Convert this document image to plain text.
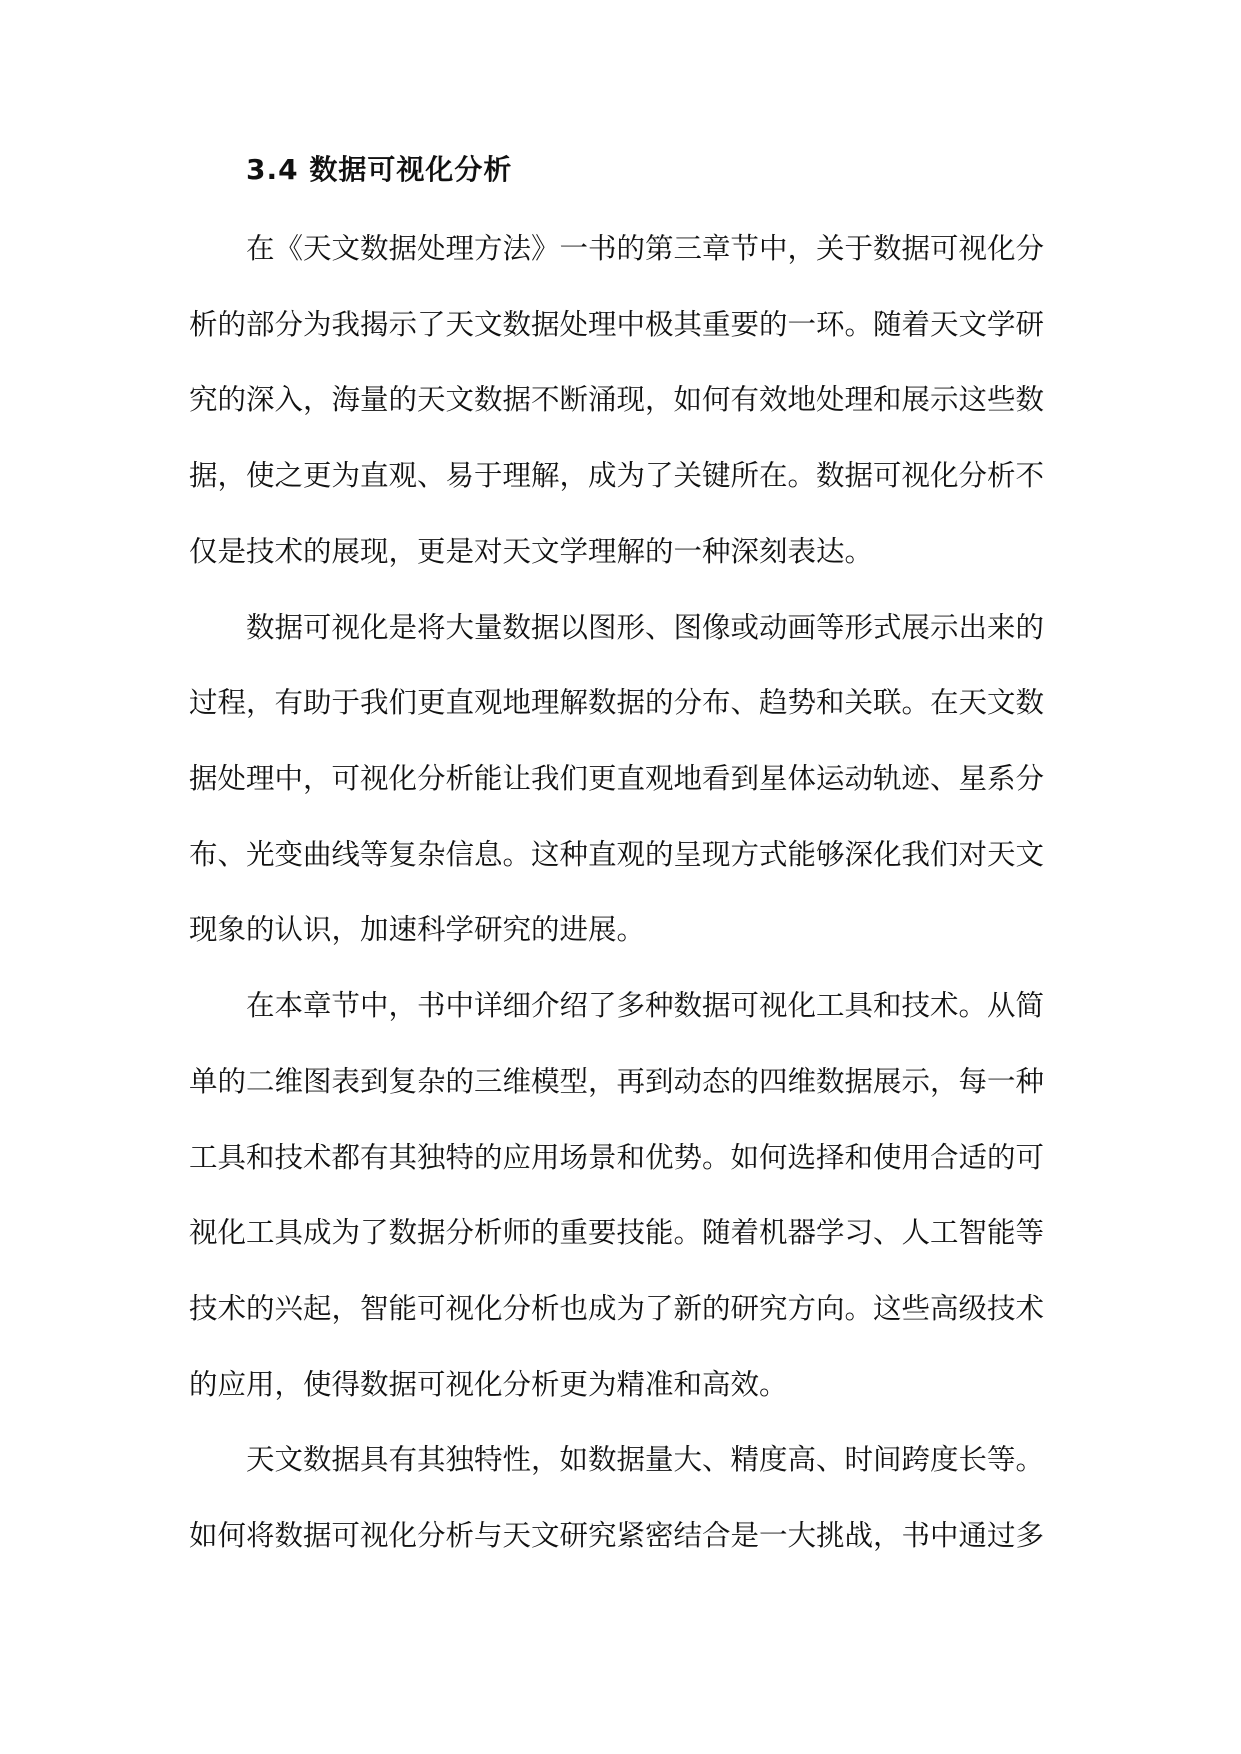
3.4 数据可视化分析
在《天文数据处理方法》一书的第三章节中，关于数据可视化分
析的部分为我揭示了天文数据处理中极其重要的一环。随着天文学研
究的深入，海量的天文数据不断涌现，如何有效地处理和展示这些数
据，使之更为直观、易于理解，成为了关键所在。数据可视化分析不
仅是技术的展现，更是对天文学理解的一种深刻表达。
数据可视化是将大量数据以图形、图像或动画等形式展示出来的
过程，有助于我们更直观地理解数据的分布、趋势和关联。在天文数
据处理中，可视化分析能让我们更直观地看到星体运动轨迹、星系分
布、光变曲线等复杂信息。这种直观的呈现方式能够深化我们对天文
现象的认识，加速科学研究的进展。
在本章节中，书中详细介绍了多种数据可视化工具和技术。从简
单的二维图表到复杂的三维模型，再到动态的四维数据展示，每一种
工具和技术都有其独特的应用场景和优势。如何选择和使用合适的可
视化工具成为了数据分析师的重要技能。随着机器学习、人工智能等
技术的兴起，智能可视化分析也成为了新的研究方向。这些高级技术
的应用，使得数据可视化分析更为精准和高效。
天文数据具有其独特性，如数据量大、精度高、时间跨度长等。
如何将数据可视化分析与天文研究紧密结合是一大挑战，书中通过多
